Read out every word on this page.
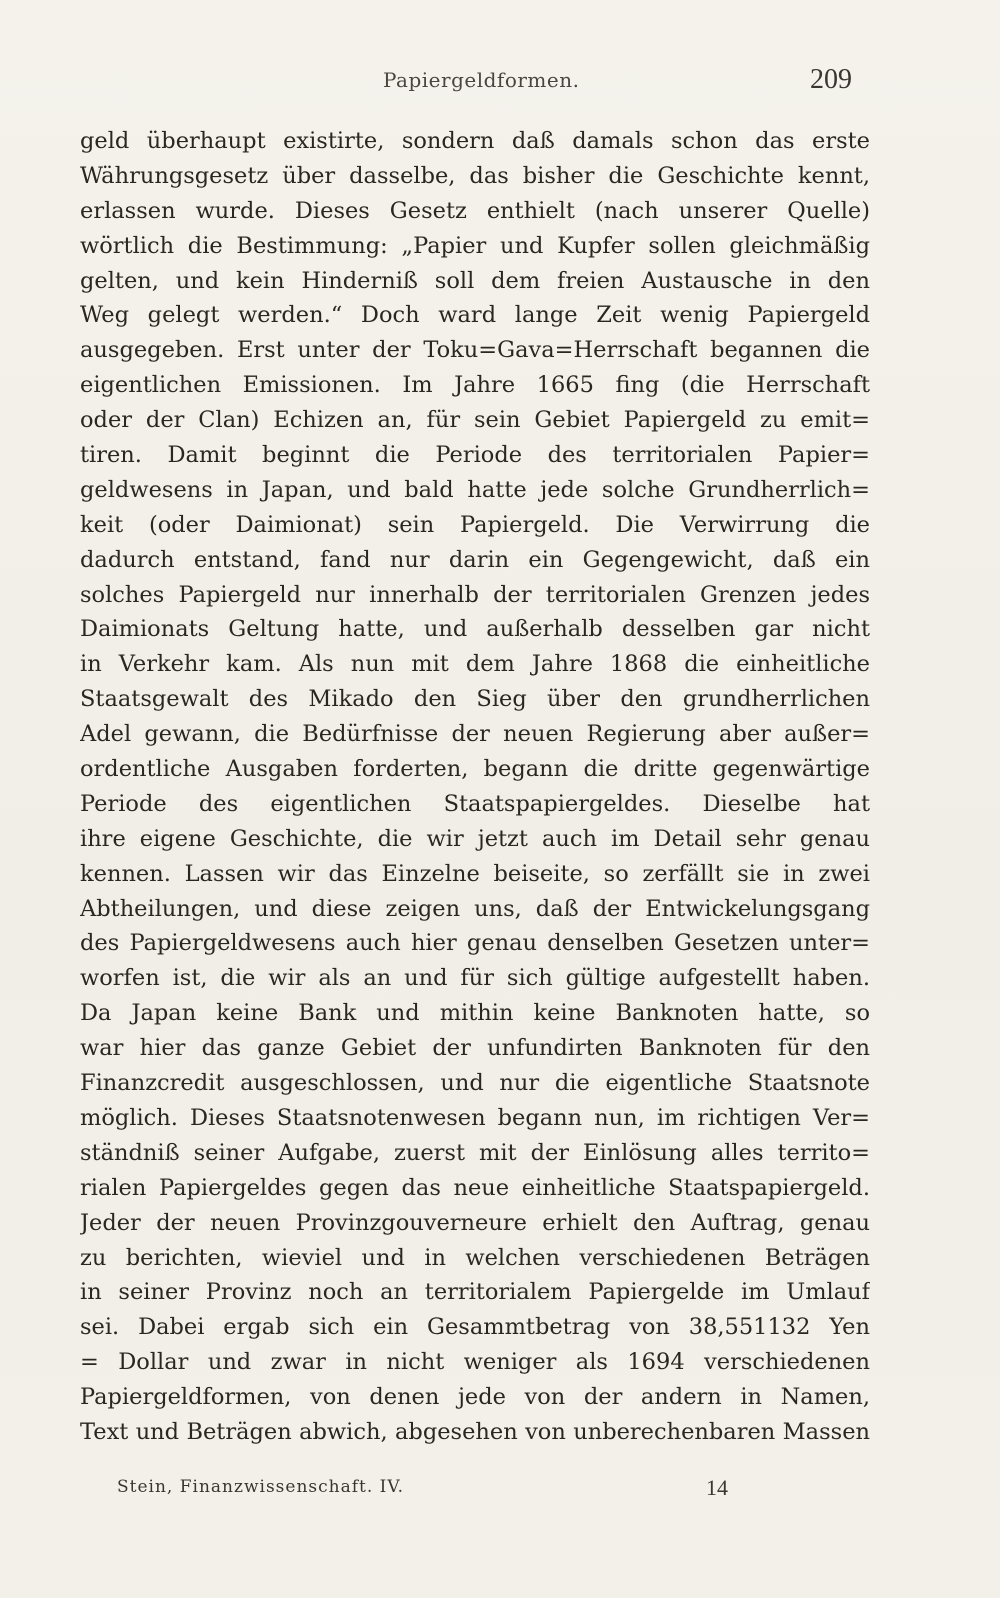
Papiergeldformen.	209
geld überhaupt existirte, sondern daß damals schon das erste
Währungsgesetz über dasselbe, das bisher die Geschichte kennt,
erlassen wurde. Dieses Gesetz enthielt (nach unserer Quelle)
wörtlich die Bestimmung: „Papier und Kupfer sollen gleichmäßig
gelten, und kein Hinderniß soll dem freien Austausche in den
Weg gelegt werden.“ Doch ward lange Zeit wenig Papiergeld
ausgegeben. Erst unter der Toku=Gava=Herrschaft begannen die
eigentlichen Emissionen. Im Jahre 1665 fing (die Herrschaft
oder der Clan) Echizen an, für sein Gebiet Papiergeld zu emit=
tiren. Damit beginnt die Periode des territorialen Papier=
geldwesens in Japan, und bald hatte jede solche Grundherrlich=
keit (oder Daimionat) sein Papiergeld. Die Verwirrung die
dadurch entstand, fand nur darin ein Gegengewicht, daß ein
solches Papiergeld nur innerhalb der territorialen Grenzen jedes
Daimionats Geltung hatte, und außerhalb desselben gar nicht
in Verkehr kam. Als nun mit dem Jahre 1868 die einheitliche
Staatsgewalt des Mikado den Sieg über den grundherrlichen
Adel gewann, die Bedürfnisse der neuen Regierung aber außer=
ordentliche Ausgaben forderten, begann die dritte gegenwärtige
Periode des eigentlichen Staatspapiergeldes. Dieselbe hat
ihre eigene Geschichte, die wir jetzt auch im Detail sehr genau
kennen. Lassen wir das Einzelne beiseite, so zerfällt sie in zwei
Abtheilungen, und diese zeigen uns, daß der Entwickelungsgang
des Papiergeldwesens auch hier genau denselben Gesetzen unter=
worfen ist, die wir als an und für sich gültige aufgestellt haben.
Da Japan keine Bank und mithin keine Banknoten hatte, so
war hier das ganze Gebiet der unfundirten Banknoten für den
Finanzcredit ausgeschlossen, und nur die eigentliche Staatsnote
möglich. Dieses Staatsnotenwesen begann nun, im richtigen Ver=
ständniß seiner Aufgabe, zuerst mit der Einlösung alles territo=
rialen Papiergeldes gegen das neue einheitliche Staatspapiergeld.
Jeder der neuen Provinzgouverneure erhielt den Auftrag, genau
zu berichten, wieviel und in welchen verschiedenen Beträgen
in seiner Provinz noch an territorialem Papiergelde im Umlauf
sei. Dabei ergab sich ein Gesammtbetrag von 38,551132 Yen
= Dollar und zwar in nicht weniger als 1694 verschiedenen
Papiergeldformen, von denen jede von der andern in Namen,
Text und Beträgen abwich, abgesehen von unberechenbaren Massen
Stein, Finanzwissenschaft. IV.	14
